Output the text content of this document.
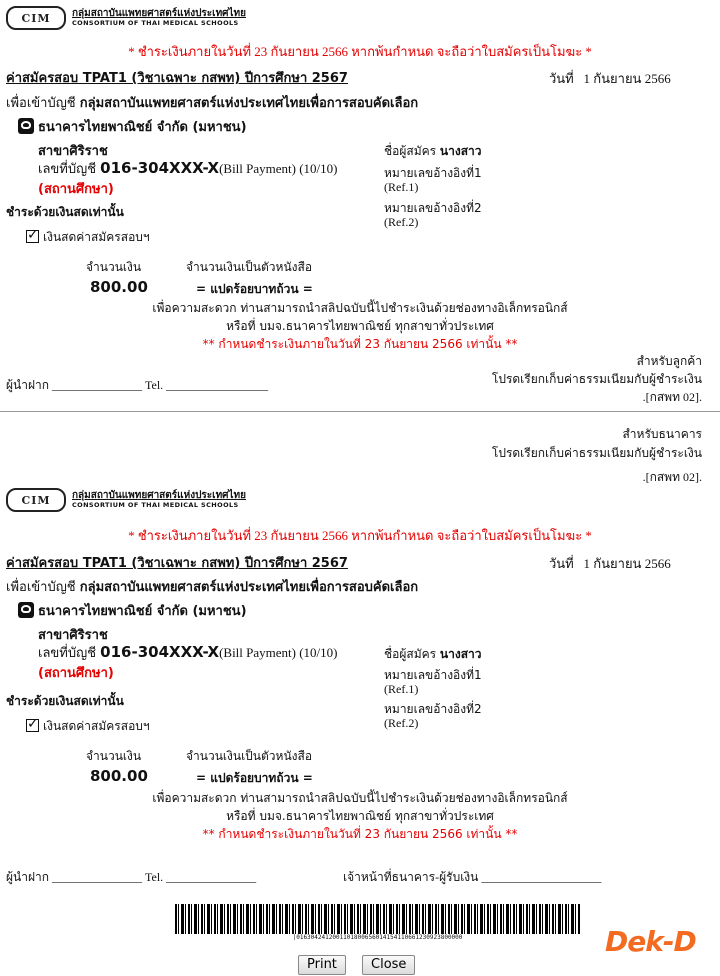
CIM	กลุ่มสถาบันแพทยศาสตร์แห่งประเทศไทย
CONSORTIUM OF THAI MEDICAL SCHOOLS
* ชำระเงินภายในวันที่ 23 กันยายน 2566 หากพ้นกำหนด จะถือว่าใบสมัครเป็นโมฆะ *
ค่าสมัครสอบ TPAT1 (วิชาเฉพาะ กสพท) ปีการศึกษา 2567	วันที่ 1 กันยายน 2566
เพื่อเข้าบัญชี กลุ่มสถาบันแพทยศาสตร์แห่งประเทศไทยเพื่อการสอบคัดเลือก
ธนาคารไทยพาณิชย์ จำกัด (มหาชน)
สาขาศิริราช
เลขที่บัญชี 016-304XXX-X(Bill Payment) (10/10)
(สถานศึกษา)
ชื่อผู้สมัคร นางสาว
หมายเลขอ้างอิงที่1
(Ref.1)
หมายเลขอ้างอิงที่2
(Ref.2)
ชำระด้วยเงินสดเท่านั้น
✓เงินสดค่าสมัครสอบฯ
จำนวนเงิน	จำนวนเงินเป็นตัวหนังสือ
800.00	= แปดร้อยบาทถ้วน =
เพื่อความสะดวก ท่านสามารถนำสลิปฉบับนี้ไปชำระเงินด้วยช่องทางอิเล็กทรอนิกส์
หรือที่ บมจ.ธนาคารไทยพาณิชย์ ทุกสาขาทั่วประเทศ
** กำหนดชำระเงินภายในวันที่ 23 กันยายน 2566 เท่านั้น **
สำหรับลูกค้า
โปรดเรียกเก็บค่าธรรมเนียมกับผู้ชำระเงิน
.[กสพท 02].
ผู้นำฝาก _______________ Tel. _________________
สำหรับธนาคาร
โปรดเรียกเก็บค่าธรรมเนียมกับผู้ชำระเงิน
.[กสพท 02].
CIM	กลุ่มสถาบันแพทยศาสตร์แห่งประเทศไทย
CONSORTIUM OF THAI MEDICAL SCHOOLS
* ชำระเงินภายในวันที่ 23 กันยายน 2566 หากพ้นกำหนด จะถือว่าใบสมัครเป็นโมฆะ *
ค่าสมัครสอบ TPAT1 (วิชาเฉพาะ กสพท) ปีการศึกษา 2567	วันที่ 1 กันยายน 2566
เพื่อเข้าบัญชี กลุ่มสถาบันแพทยศาสตร์แห่งประเทศไทยเพื่อการสอบคัดเลือก
ธนาคารไทยพาณิชย์ จำกัด (มหาชน)
สาขาศิริราช
เลขที่บัญชี 016-304XXX-X(Bill Payment) (10/10)
(สถานศึกษา)
ชื่อผู้สมัคร นางสาว
หมายเลขอ้างอิงที่1
(Ref.1)
หมายเลขอ้างอิงที่2
(Ref.2)
ชำระด้วยเงินสดเท่านั้น
✓เงินสดค่าสมัครสอบฯ
จำนวนเงิน	จำนวนเงินเป็นตัวหนังสือ
800.00	= แปดร้อยบาทถ้วน =
เพื่อความสะดวก ท่านสามารถนำสลิปฉบับนี้ไปชำระเงินด้วยช่องทางอิเล็กทรอนิกส์
หรือที่ บมจ.ธนาคารไทยพาณิชย์ ทุกสาขาทั่วประเทศ
** กำหนดชำระเงินภายในวันที่ 23 กันยายน 2566 เท่านั้น **
ผู้นำฝาก _______________ Tel. _______________	เจ้าหน้าที่ธนาคาร-ผู้รับเงิน ____________________
|0163042412001101800656014154110661230923800000	Dek-D
Print	Close
